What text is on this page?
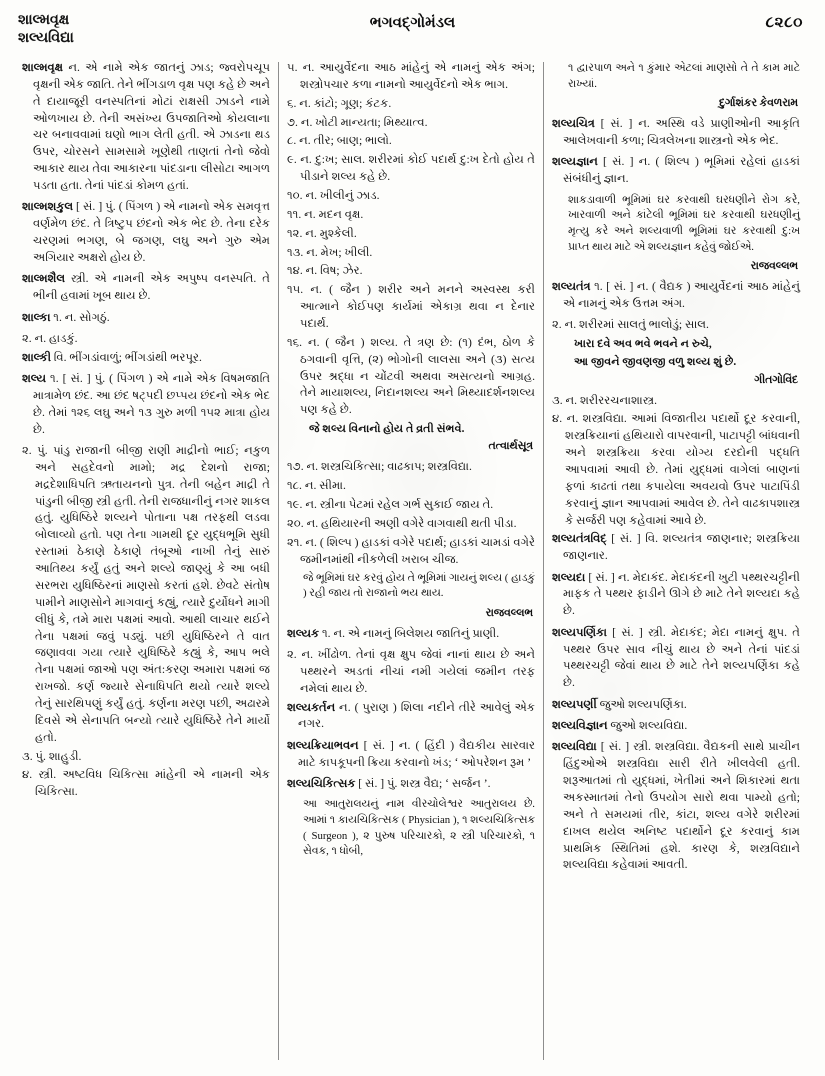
શાલ્મવૃક્ષ
શલ્યવિદ્યા
ભગવદ્ગોમંડલ	૮૨૮૦

શાલ્મવૃક્ષ ન. એ નામે એક જાતનું ઝાડ; જ્વરોપચૂપ વૃક્ષની એક જાતિ. તેને ભીંગડાળ વૃક્ષ પણ કહે છે અને તે દાયાજૂરી વનસ્પતિનાં મોટાં રાક્ષસી ઝાડને નામે ઓળખાય છે. તેની અસંખ્ય ઉપજાતિઓ કોયલાના ચર બનાવવામાં ઘણો ભાગ લેતી હતી. એ ઝાડના થડ ઉપર, ચોરસને સામસામે ખૂણેથી તાણતાં તેનો જેવો આકાર થાય તેવા આકારના પાંદડાના લીસોટા આગળ પડતા હતા. તેનાં પાંદડાં કોમળ હતાં.

શાલ્મશકુલ [ સં. ] પું. ( પિંગળ ) એ નામનો એક સમવૃત્ત વર્ણમેળ છંદ. તે ત્રિષ્ટુપ છંદનો એક ભેદ છે. તેના દરેક ચરણમાં ભગણ, બે જગણ, લઘુ અને ગુરુ એમ અગિયાર અક્ષરો હોય છે.

શાલ્મશૈલ સ્ત્રી. એ નામની એક અપુષ્પ વનસ્પતિ. તે ભીની હવામાં ખૂબ થાય છે.

શાલ્કા ૧. ન. સોગઠું.

૨. ન. હાડકું.

શાલ્કી વિ. ભીંગડાંવાળું; ભીંગડાંથી ભરપૂર.

શલ્ય ૧. [ સં. ] પું. ( પિંગળ ) એ નામે એક વિષમજાતિ માત્રામેળ છંદ. આ છંદ ષટ્પદી છપ્પય છંદનો એક ભેદ છે. તેમાં ૧૨૬ લઘુ અને ૧૩ ગુરુ મળી ૧૫૨ માત્રા હોય છે.

૨. પું. પાંડુ રાજાની બીજી રાણી માદ્રીનો ભાઈ; નકુળ અને સહદેવનો મામો; મદ્ર દેશનો રાજા; મદ્રદેશાધિપતિ ઋતાયનનો પુત્ર. તેની બહેન માદ્રી તે પાંડુની બીજી સ્ત્રી હતી. તેની રાજધાનીનું નગર શાકલ હતું. યુધિષ્ઠિરે શલ્યને પોતાના પક્ષ તરફથી લડવા બોલાવ્યો હતો. પણ તેના ગામથી દૂર યુદ્ધભૂમિ સુધી રસ્તામાં ઠેકાણે ઠેકાણે તંબૂઓ નાખી તેનું સારું આતિથ્ય કર્યું હતું અને શલ્યે જાણ્યું કે આ બધી સરભરા યુધિષ્ઠિરનાં માણસો કરતાં હશે. છેવટે સંતોષ પામીને માણસોને માગવાનું કહ્યું, ત્યારે દુર્યોધને માગી લીધું કે, તમે મારા પક્ષમાં આવો. આથી લાચાર થઈને તેના પક્ષમાં જવું પડ્યું. પછી યુધિષ્ઠિરને તે વાત જણાવવા ગયા ત્યારે યુધિષ્ઠિરે કહ્યું કે, આપ ભલે તેના પક્ષમાં જાઓ પણ અંત:કરણ અમારા પક્ષમાં જ રાખજો. કર્ણ જ્યારે સેનાધિપતિ થયો ત્યારે શલ્યે તેનું સારથિપણું કર્યું હતું. કર્ણના મરણ પછી, અઢારમે દિવસે એ સેનાપતિ બન્યો ત્યારે યુધિષ્ઠિરે તેને માર્યો હતો.

૩. પું. શાહુડી.

૪. સ્ત્રી. અષ્ટવિધ ચિકિત્સા માંહેની એ નામની એક ચિકિત્સા.

૫. ન. આયુર્વેદના આઠ માંહેનું એ નામનું એક અંગ; શસ્ત્રોપચાર કળા નામનો આયુર્વેદનો એક ભાગ.

૬. ન. કાંટો; ગૂણ; કંટક.

૭. ન. ખોટી માન્યતા; મિથ્યાત્વ.

૮. ન. તીર; બાણ; ભાલો.

૯. ન. દુ:ખ; સાલ. શરીરમાં કોઈ પદાર્થ દુ:ખ દેતો હોય તે પીડાને શલ્ય કહે છે.

૧૦. ન. ખીલીનું ઝાડ.

૧૧. ન. મદન વૃક્ષ.

૧૨. ન. મુશ્કેલી.

૧૩. ન. મેખ; ખીલી.

૧૪. ન. વિષ; ઝેર.

૧૫. ન. ( જૈન ) શરીર અને મનને અસ્વસ્થ કરી આત્માને કોઈપણ કાર્યમાં એકાગ્ર થવા ન દેનાર પદાર્થ.

૧૬. ન. ( જૈન ) શલ્ય. તે ત્રણ છે: (૧) દંભ, ઠોળ કે ઠગવાની વૃત્તિ, (૨) ભોગોની લાલસા અને (૩) સત્ય ઉપર શ્રદ્ધા ન ચોંટવી અથવા અસત્યનો આગ્રહ. તેને માયાશલ્ય, નિદાનશલ્ય અને મિથ્યાદર્શનશલ્ય પણ કહે છે.

જે શલ્ય વિનાનો હોય તે વ્રતી સંભવે.

તત્વાર્થસૂત્ર

૧૭. ન. શસ્ત્રચિકિત્સા; વાઢકાપ; શસ્ત્રવિદ્યા.

૧૮. ન. સીમા.

૧૯. ન. સ્ત્રીના પેટમાં રહેલ ગર્ભ સુકાઈ જાય તે.

૨૦. ન. હથિયારની અણી વગેરે વાગવાથી થતી પીડા.

૨૧. ન. ( શિલ્પ ) હાડકાં વગેરે પદાર્થ; હાડકાં ચામડાં વગેરે જમીનમાંથી નીકળેલી ખરાબ ચીજ.

જે ભૂમિમાં ઘર કરવું હોય તે ભૂમિમાં ગાયનું શલ્ય ( હાડકું ) રહી જાય તો રાજાનો ભય થાય.

રાજવલ્લભ

શલ્યક ૧. ન. એ નામનું બિલેશય જાતિનું પ્રાણી.

૨. ન. ખીંઢોળ. તેનાં વૃક્ષ ક્ષુપ જેવાં નાનાં થાય છે અને પથ્થરને અડતાં નીચાં નમી ગયેલાં જમીન તરફ નમેલાં થાય છે.

શલ્યકર્તન ન. ( પુરાણ ) શિલા નદીને તીરે આવેલું એક નગર.

શલ્યક્રિયાભવન [ સં. ] ન. ( હિંદી ) વૈદ્યકીય સારવાર માટે કાપકૂપની ક્રિયા કરવાનો ખંડ; ‘ ઓપરેશન રૂમ ’

શલ્યચિકિત્સક [ સં. ] પું. શસ્ત્ર વૈદ્ય; ‘ સર્જન ’.

આ આતુરાલયનું નામ વીરચોલેશ્વર આતુરાલય છે. આમાં ૧ કાયચિકિત્સક ( Physician ), ૧ શલ્યચિકિત્સક ( Surgeon ), ૨ પુરુષ પરિચારકો, ૨ સ્ત્રી પરિચારકો, ૧ સેવક, ૧ ધોબી,

૧ દ્વારપાળ અને ૧ કુંમાર એટલાં માણસો તે તે કામ માટે રાખ્યાં.

દુર્ગાશંકર કેવળરામ

શલ્યચિત્ર [ સં. ] ન. અસ્થિ વડે પ્રાણીઓની આકૃતિ આલેખવાની કળા; ચિત્રલેખના શાસ્ત્રનો એક ભેદ.

શલ્યજ્ઞાન [ સં. ] ન. ( શિલ્પ ) ભૂમિમાં રહેલાં હાડકાં સંબંધીનું જ્ઞાન.

શાકડાવાળી ભૂમિમાં ઘર કરવાથી ઘરધણીને રોગ કરે, ખારવાળી અને કાંટેલી ભૂમિમાં ઘર કરવાથી ઘરધણીનું મૃત્યુ કરે અને શલ્યવાળી ભૂમિમાં ઘર કરવાથી દુ:ખ પ્રાપ્ત થાય માટે એ શલ્યજ્ઞાન કહેવું જોઈએ.

રાજવલ્લભ

શલ્યતંત્ર ૧. [ સં. ] ન. ( વૈદ્યક ) આયુર્વેદનાં આઠ માંહેનું એ નામનું એક ઉત્તમ અંગ.

૨. ન. શરીરમાં સાલતું ભાલોડું; સાલ.

ખારા દવે અવ ભવે ભવને ન રુચે,

આ જીવને જીવણજી વળુ શલ્ય શું છે.

ગીતગોવિંદ

૩. ન. શરીરરચનાશાસ્ત્ર.

૪. ન. શસ્ત્રવિદ્યા. આમાં વિજાતીય પદાર્થો દૂર કરવાની, શસ્ત્રક્રિયાનાં હથિયારો વાપરવાની, પાટાપટ્ટી બાંધવાની અને શસ્ત્રક્રિયા કરવા યોગ્ય દરદોની પદ્ધતિ આપવામાં આવી છે. તેમાં યુદ્ધમાં વાગેલાં બાણનાં ફળાં કાઢતાં તથા કપાયેલા અવયવો ઉપર પાટાપિંડી કરવાનું જ્ઞાન આપવામાં આવેલ છે. તેને વાઢકાપશાસ્ત્ર કે સર્જરી પણ કહેવામાં આવે છે.

શલ્યતંત્રવિદ્ [ સં. ] વિ. શલ્યતંત્ર જાણનાર; શસ્ત્રક્રિયા જાણનાર.

શલ્યદા [ સં. ] ન. મેદાકંદ. મેદાકંદની ખુટી પથ્થરચટ્ટીની માફક તે પથ્થર ફાડીને ઊગે છે માટે તેને શલ્યદા કહે છે.

શલ્યપર્ણિકા [ સં. ] સ્ત્રી. મેદાકંદ; મેદા નામનું ક્ષુપ. તે પથ્થર ઉપર સાવ નીચું થાય છે અને તેનાં પાંદડાં પથ્થરચટ્ટી જેવાં થાય છે માટે તેને શલ્યપર્ણિકા કહે છે.

શલ્યપર્ણી જુઓ શલ્યપર્ણિકા.

શલ્યવિજ્ઞાન જુઓ શલ્યવિદ્યા.

શલ્યવિદ્યા [ સં. ] સ્ત્રી. શસ્ત્રવિદ્યા. વૈદ્યકની સાથે પ્રાચીન હિંદુઓએ શસ્ત્રવિદ્યા સારી રીતે ખીલવેલી હતી. શરૂઆતમાં તો યુદ્ધમાં, ખેતીમાં અને શિકારમાં થતા અકસ્માતમાં તેનો ઉપયોગ સારો થવા પામ્યો હતો; અને તે સમયમાં તીર, કાંટા, શલ્ય વગેરે શરીરમાં દાખલ થયેલ અનિષ્ટ પદાર્થોને દૂર કરવાનું કામ પ્રાથમિક સ્થિતિમાં હશે. કારણ કે, શસ્ત્રવિદ્યાને શલ્યવિદ્યા કહેવામાં આવતી.
